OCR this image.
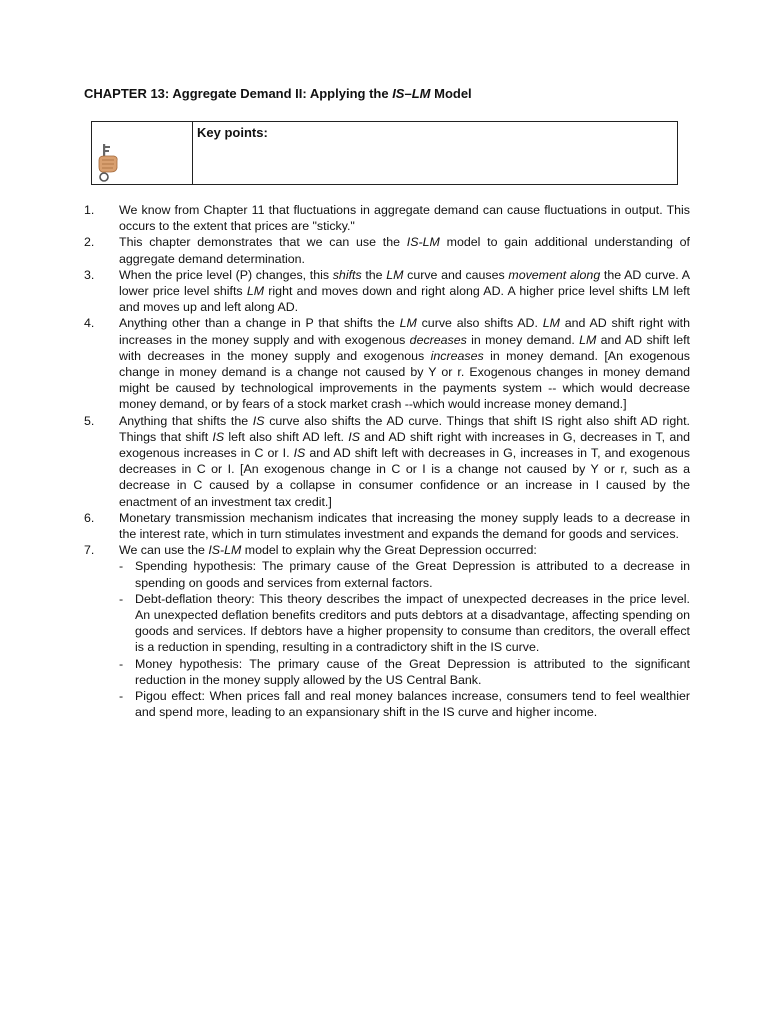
CHAPTER 13: Aggregate Demand II: Applying the IS–LM Model
Key points:
1.	We know from Chapter 11 that fluctuations in aggregate demand can cause fluctuations in output. This occurs to the extent that prices are "sticky."
2.	This chapter demonstrates that we can use the IS-LM model to gain additional understanding of aggregate demand determination.
3.	When the price level (P) changes, this shifts the LM curve and causes movement along the AD curve. A lower price level shifts LM right and moves down and right along AD. A higher price level shifts LM left and moves up and left along AD.
4.	Anything other than a change in P that shifts the LM curve also shifts AD. LM and AD shift right with increases in the money supply and with exogenous decreases in money demand. LM and AD shift left with decreases in the money supply and exogenous increases in money demand. [An exogenous change in money demand is a change not caused by Y or r. Exogenous changes in money demand might be caused by technological improvements in the payments system -- which would decrease money demand, or by fears of a stock market crash --which would increase money demand.]
5.	Anything that shifts the IS curve also shifts the AD curve. Things that shift IS right also shift AD right. Things that shift IS left also shift AD left. IS and AD shift right with increases in G, decreases in T, and exogenous increases in C or I. IS and AD shift left with decreases in G, increases in T, and exogenous decreases in C or I. [An exogenous change in C or I is a change not caused by Y or r, such as a decrease in C caused by a collapse in consumer confidence or an increase in I caused by the enactment of an investment tax credit.]
6.	Monetary transmission mechanism indicates that increasing the money supply leads to a decrease in the interest rate, which in turn stimulates investment and expands the demand for goods and services.
7.	We can use the IS-LM model to explain why the Great Depression occurred:
- Spending hypothesis: The primary cause of the Great Depression is attributed to a decrease in spending on goods and services from external factors.
- Debt-deflation theory: This theory describes the impact of unexpected decreases in the price level. An unexpected deflation benefits creditors and puts debtors at a disadvantage, affecting spending on goods and services. If debtors have a higher propensity to consume than creditors, the overall effect is a reduction in spending, resulting in a contradictory shift in the IS curve.
- Money hypothesis: The primary cause of the Great Depression is attributed to the significant reduction in the money supply allowed by the US Central Bank.
- Pigou effect: When prices fall and real money balances increase, consumers tend to feel wealthier and spend more, leading to an expansionary shift in the IS curve and higher income.
